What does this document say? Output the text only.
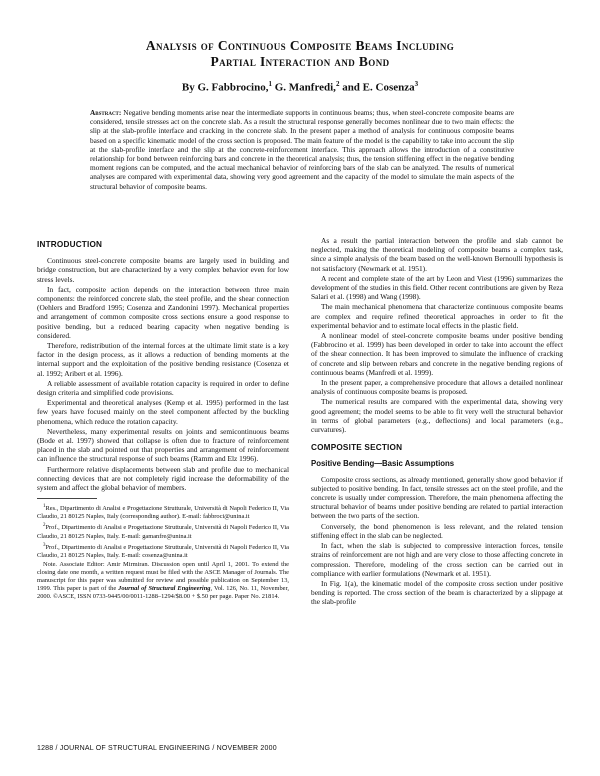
Analysis of Continuous Composite Beams Including
Partial Interaction and Bond
By G. Fabbrocino,$^1$ G. Manfredi,$^2$ and E. Cosenza$^3$
Abstract: Negative bending moments arise near the intermediate supports in continuous beams; thus, when steel-concrete composite beams are considered, tensile stresses act on the concrete slab. As a result the structural response generally becomes nonlinear due to two main effects: the slip at the slab-profile interface and cracking in the concrete slab. In the present paper a method of analysis for continuous composite beams based on a specific kinematic model of the cross section is proposed. The main feature of the model is the capability to take into account the slip at the slab-profile interface and the slip at the concrete-reinforcement interface. This approach allows the introduction of a constitutive relationship for bond between reinforcing bars and concrete in the theoretical analysis; thus, the tension stiffening effect in the negative bending moment regions can be computed, and the actual mechanical behavior of reinforcing bars of the slab can be analyzed. The results of numerical analyses are compared with experimental data, showing very good agreement and the capacity of the model to simulate the main aspects of the structural behavior of composite beams.
INTRODUCTION

Continuous steel-concrete composite beams are largely used in building and bridge construction, but are characterized by a very complex behavior even for low stress levels.

In fact, composite action depends on the interaction between three main components: the reinforced concrete slab, the steel profile, and the shear connection (Oehlers and Bradford 1995; Cosenza and Zandonini 1997). Mechanical properties and arrangement of common composite cross sections ensure a good response to positive bending, but a reduced bearing capacity when negative bending is considered.

Therefore, redistribution of the internal forces at the ultimate limit state is a key factor in the design process, as it allows a reduction of bending moments at the internal support and the exploitation of the positive bending resistance (Cosenza et al. 1992; Aribert et al. 1996).

A reliable assessment of available rotation capacity is required in order to define design criteria and simplified code provisions.

Experimental and theoretical analyses (Kemp et al. 1995) performed in the last few years have focused mainly on the steel component affected by the buckling phenomena, which reduce the rotation capacity.

Nevertheless, many experimental results on joints and semicontinuous beams (Bode et al. 1997) showed that collapse is often due to fracture of reinforcement placed in the slab and pointed out that properties and arrangement of reinforcement can influence the structural response of such beams (Ramm and Elz 1996).

Furthermore relative displacements between slab and profile due to mechanical connecting devices that are not completely rigid increase the deformability of the system and affect the global behavior of members.

$^1$Res., Dipartimento di Analisi e Progettazione Strutturale, Università di Napoli Federico II, Via Claudio, 21 80125 Naples, Italy (corresponding author). E-mail: fabbroci@unina.it

$^2$Prof., Dipartimento di Analisi e Progettazione Strutturale, Università di Napoli Federico II, Via Claudio, 21 80125 Naples, Italy. E-mail: gamanfre@unina.it

$^3$Prof., Dipartimento di Analisi e Progettazione Strutturale, Università di Napoli Federico II, Via Claudio, 21 80125 Naples, Italy. E-mail: cosenza@unina.it

Note. Associate Editor: Amir Mirmiran. Discussion open until April 1, 2001. To extend the closing date one month, a written request must be filed with the ASCE Manager of Journals. The manuscript for this paper was submitted for review and possible publication on September 13, 1999. This paper is part of the Journal of Structural Engineering, Vol. 126, No. 11, November, 2000. ©ASCE, ISSN 0733-9445/00/0011-1288–1294/$8.00 + $.50 per page. Paper No. 21814.

As a result the partial interaction between the profile and slab cannot be neglected, making the theoretical modeling of composite beams a complex task, since a simple analysis of the beam based on the well-known Bernoulli hypothesis is not satisfactory (Newmark et al. 1951).

A recent and complete state of the art by Leon and Viest (1996) summarizes the development of the studies in this field. Other recent contributions are given by Reza Salari et al. (1998) and Wang (1998).

The main mechanical phenomena that characterize continuous composite beams are complex and require refined theoretical approaches in order to fit the experimental behavior and to estimate local effects in the plastic field.

A nonlinear model of steel-concrete composite beams under positive bending (Fabbrocino et al. 1999) has been developed in order to take into account the effect of the shear connection. It has been improved to simulate the influence of cracking of concrete and slip between rebars and concrete in the negative bending regions of continuous beams (Manfredi et al. 1999).

In the present paper, a comprehensive procedure that allows a detailed nonlinear analysis of continuous composite beams is proposed.

The numerical results are compared with the experimental data, showing very good agreement; the model seems to be able to fit very well the structural behavior in terms of global parameters (e.g., deflections) and local parameters (e.g., curvatures).

COMPOSITE SECTION
Positive Bending—Basic Assumptions

Composite cross sections, as already mentioned, generally show good behavior if subjected to positive bending. In fact, tensile stresses act on the steel profile, and the concrete is usually under compression. Therefore, the main phenomena affecting the structural behavior of beams under positive bending are related to partial interaction between the two parts of the section.

Conversely, the bond phenomenon is less relevant, and the related tension stiffening effect in the slab can be neglected.

In fact, when the slab is subjected to compressive interaction forces, tensile strains of reinforcement are not high and are very close to those affecting concrete in compression. Therefore, modeling of the cross section can be carried out in compliance with earlier formulations (Newmark et al. 1951).

In Fig. 1(a), the kinematic model of the composite cross section under positive bending is reported. The cross section of the beam is characterized by a slippage at the slab-profile

1288 / JOURNAL OF STRUCTURAL ENGINEERING / NOVEMBER 2000
